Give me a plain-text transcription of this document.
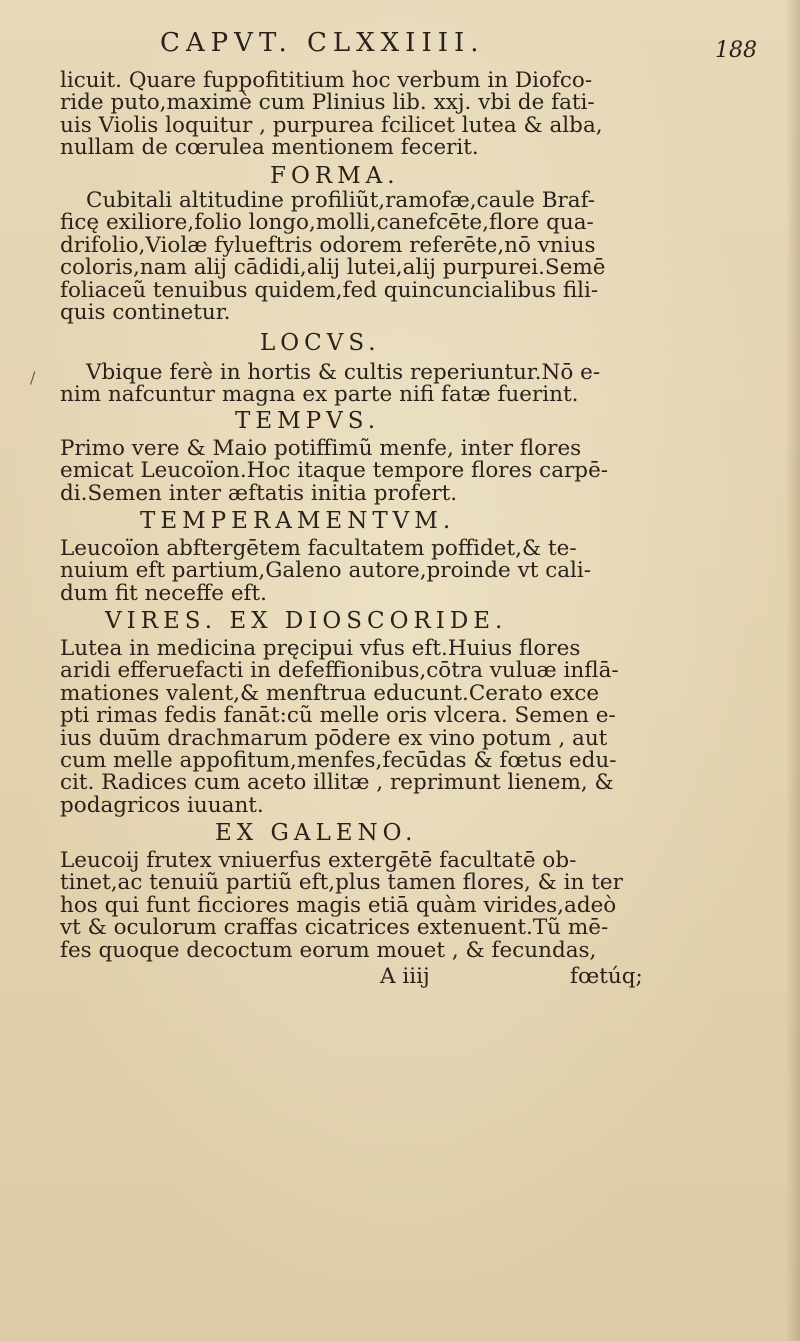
CAPVT. CLXXIIII.	188
licuit. Quare fuppofititium hoc verbum in Diofco-
ride puto,maximè cum Plinius lib. xxj. vbi de fati-
uis Violis loquitur , purpurea fcilicet lutea & alba,
nullam de cœrulea mentionem fecerit.
FORMA.
Cubitali altitudine profiliũt,ramofæ,caule Braf-
ficę exiliore,folio longo,molli,canefcēte,flore qua-
drifolio,Violæ fylueftris odorem referēte,nō vnius
coloris,nam alij cādidi,alij lutei,alij purpurei.Semē
foliaceũ tenuibus quidem,fed quincuncialibus fili-
quis continetur.
LOCVS.
Vbique ferè in hortis & cultis reperiuntur.Nō e-
nim nafcuntur magna ex parte nifi fatæ fuerint.
TEMPVS.
Primo vere & Maio potiffimũ menfe, inter flores
emicat Leucoïon.Hoc itaque tempore flores carpē-
di.Semen inter æftatis initia profert.
TEMPERAMENTVM.
Leucoïon abftergētem facultatem poffidet,& te-
nuium eft partium,Galeno autore,proinde vt cali-
dum fit neceffe eft.
VIRES. EX DIOSCORIDE.
Lutea in medicina pręcipui vfus eft.Huius flores
aridi efferuefacti in defeffionibus,cōtra vuluæ inflā-
mationes valent,& menftrua educunt.Cerato exce
pti rimas fedis fanāt:cũ melle oris vlcera. Semen e-
ius duūm drachmarum pōdere ex vino potum , aut
cum melle appofitum,menfes,fecūdas & fœtus edu-
cit. Radices cum aceto illitæ , reprimunt lienem, &
podagricos iuuant.
EX GALENO.
Leucoij frutex vniuerfus extergētē facultatē ob-
tinet,ac tenuiũ partiũ eft,plus tamen flores, & in ter
hos qui funt ficciores magis etiā quàm virides,adeò
vt & oculorum craffas cicatrices extenuent.Tũ mē-
fes quoque decoctum eorum mouet , & fecundas,
A iiij	fœtúq;
/
